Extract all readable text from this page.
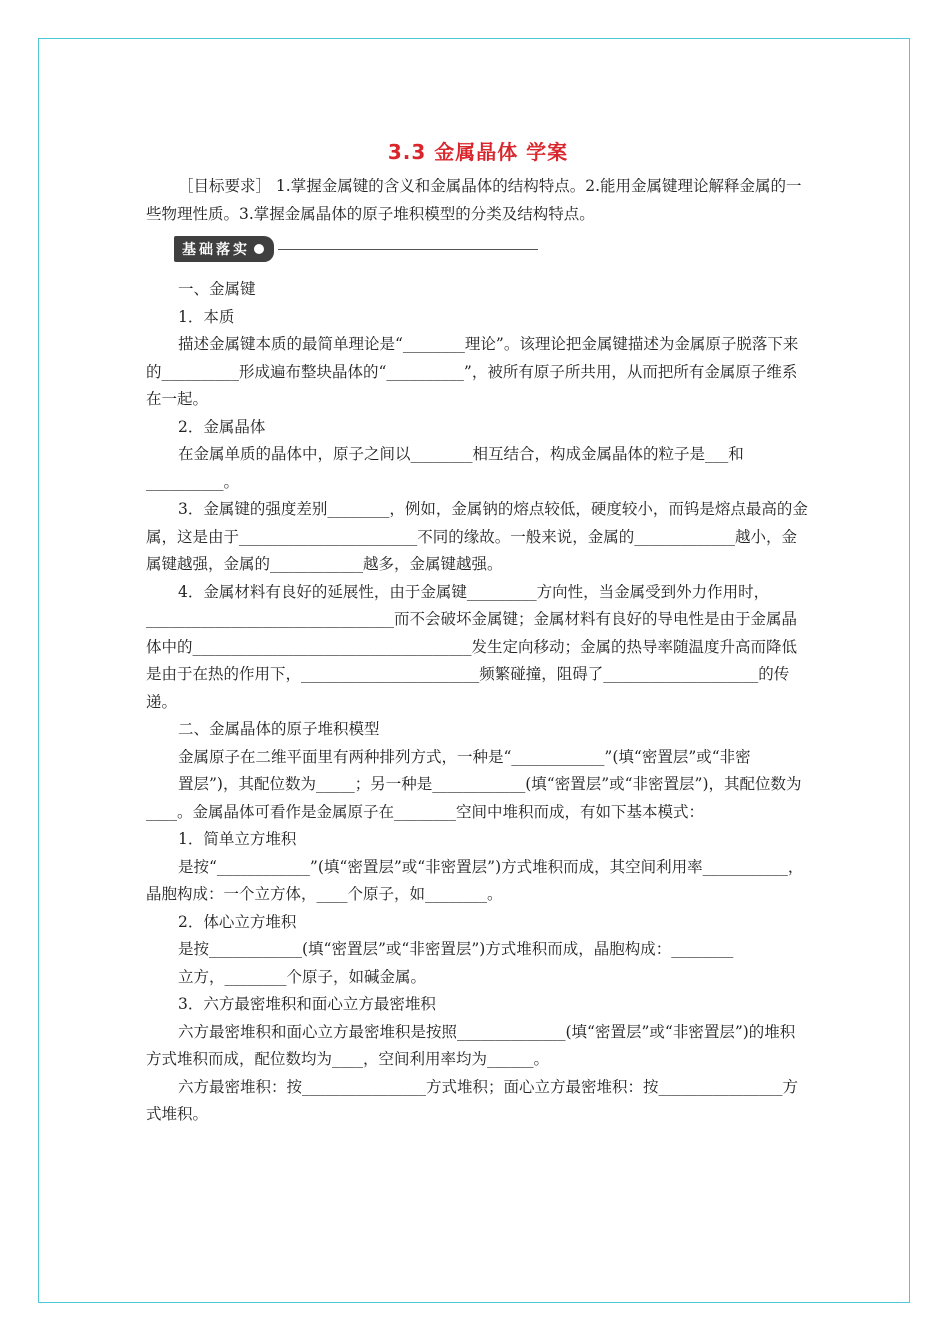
3.3 金属晶体 学案

［目标要求］ 1.掌握金属键的含义和金属晶体的结构特点。2.能用金属键理论解释金属的一些物理性质。3.掌握金属晶体的原子堆积模型的分类及结构特点。

基础落实

一、金属键

1．本质

描述金属键本质的最简单理论是“________理论”。该理论把金属键描述为金属原子脱落下来的__________形成遍布整块晶体的“__________”，被所有原子所共用，从而把所有金属原子维系在一起。

2．金属晶体

在金属单质的晶体中，原子之间以________相互结合，构成金属晶体的粒子是___和__________。

3．金属键的强度差别________，例如，金属钠的熔点较低，硬度较小，而钨是熔点最高的金属，这是由于_______________________不同的缘故。一般来说，金属的_____________越小，金属键越强，金属的____________越多，金属键越强。

4．金属材料有良好的延展性，由于金属键_________方向性，当金属受到外力作用时，________________________________而不会破坏金属键；金属材料有良好的导电性是由于金属晶体中的____________________________________发生定向移动；金属的热导率随温度升高而降低是由于在热的作用下，_______________________频繁碰撞，阻碍了____________________的传递。

二、金属晶体的原子堆积模型

金属原子在二维平面里有两种排列方式，一种是“____________”(填“密置层”或“非密

置层”)，其配位数为_____；另一种是____________(填“密置层”或“非密置层”)，其配位数为____。金属晶体可看作是金属原子在________空间中堆积而成，有如下基本模式：

1．简单立方堆积

是按“____________”(填“密置层”或“非密置层”)方式堆积而成，其空间利用率___________，晶胞构成：一个立方体，____个原子，如________。

2．体心立方堆积

是按____________(填“密置层”或“非密置层”)方式堆积而成，晶胞构成：________

立方，________个原子，如碱金属。

3．六方最密堆积和面心立方最密堆积

六方最密堆积和面心立方最密堆积是按照______________(填“密置层”或“非密置层”)的堆积方式堆积而成，配位数均为____，空间利用率均为______。

六方最密堆积：按________________方式堆积；面心立方最密堆积：按________________方式堆积。
